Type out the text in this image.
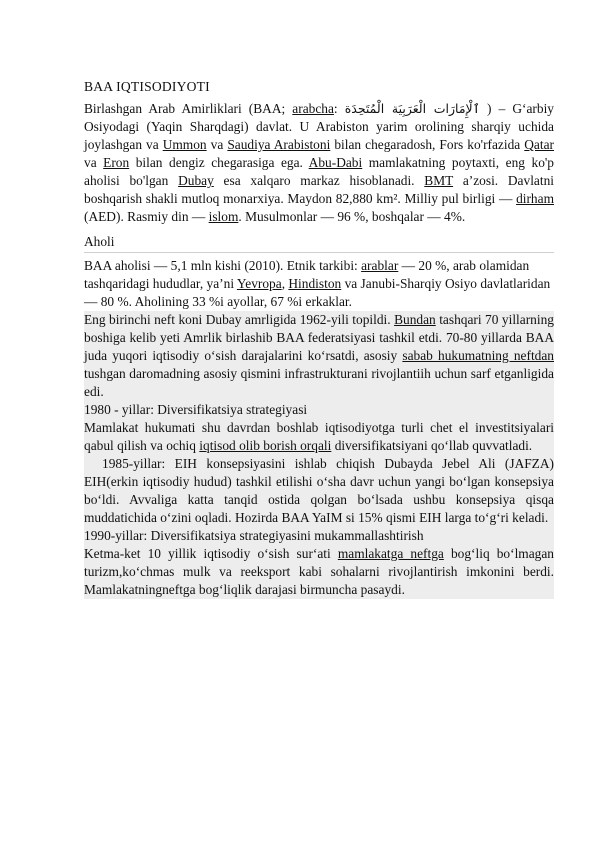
BAA IQTISODIYOTI

Birlashgan Arab Amirliklari (BAA; arabcha: ٱلْإِمَارَات الْعَرَبِيَة الْمُتَحِدَة ) – G‘arbiy Osiyodagi (Yaqin Sharqdagi) davlat. U Arabiston yarim orolining sharqiy uchida joylashgan va Ummon va Saudiya Arabistoni bilan chegaradosh, Fors ko'rfazida Qatar va Eron bilan dengiz chegarasiga ega. Abu-Dabi mamlakatning poytaxti, eng ko'p aholisi bo'lgan Dubay esa xalqaro markaz hisoblanadi. BMT a’zosi. Davlatni boshqarish shakli mutloq monarxiya. Maydon 82,880 km². Milliy pul birligi — dirham (AED). Rasmiy din — islom. Musulmonlar — 96 %, boshqalar — 4%.

Aholi

BAA aholisi — 5,1 mln kishi (2010). Etnik tarkibi: arablar — 20 %, arab olamidan tashqaridagi hududlar, ya’ni Yevropa, Hindiston va Janubi-Sharqiy Osiyo davlatlaridan — 80 %. Aholining 33 %i ayollar, 67 %i erkaklar.

Eng birinchi neft koni Dubay amrligida 1962-yili topildi. Bundan tashqari 70 yillarning boshiga kelib yeti Amrlik birlashib BAA federatsiyasi tashkil etdi. 70-80 yillarda BAA juda yuqori iqtisodiy o‘sish darajalarini ko‘rsatdi, asosiy sabab hukumatning neftdan tushgan daromadning asosiy qismini infrastrukturani rivojlantiih uchun sarf etganligida edi.

1980 - yillar: Diversifikatsiya strategiyasi

Mamlakat hukumati shu davrdan boshlab iqtisodiyotga turli chet el investitsiyalari qabul qilish va ochiq iqtisod olib borish orqali diversifikatsiyani qo‘llab quvvatladi.

1985-yillar: EIH konsepsiyasini ishlab chiqish Dubayda Jebel Ali (JAFZA) EIH(erkin iqtisodiy hudud) tashkil etilishi o‘sha davr uchun yangi bo‘lgan konsepsiya bo‘ldi. Avvaliga katta tanqid ostida qolgan bo‘lsada ushbu konsepsiya qisqa muddatichida o‘zini oqladi. Hozirda BAA YaIM si 15% qismi EIH larga to‘g‘ri keladi.

1990-yillar: Diversifikatsiya strategiyasini mukammallashtirish

Ketma-ket 10 yillik iqtisodiy o‘sish sur‘ati mamlakatga neftga bog‘liq bo‘lmagan turizm,ko‘chmas mulk va reeksport kabi sohalarni rivojlantirish imkonini berdi. Mamlakatningneftga bog‘liqlik darajasi birmuncha pasaydi.
